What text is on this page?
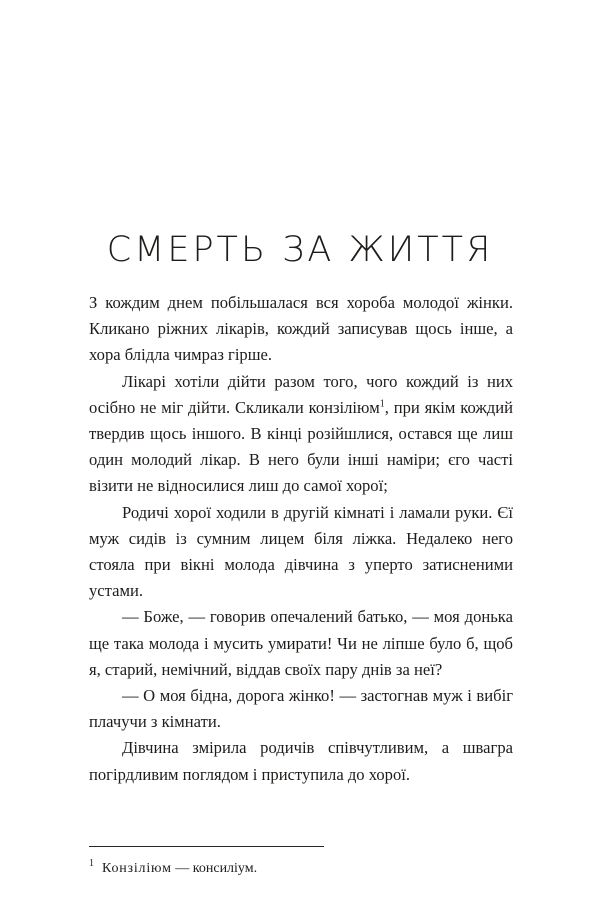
СМЕРТЬ ЗА ЖИТТЯ

З кождим днем побільшалася вся хороба молодої жінки. Кликано ріжних лікарів, кождий записував щось інше, а хора блідла чимраз гірше.

Лікарі хотіли дійти разом того, чого кождий із них осібно не міг дійти. Скликали конзіліюм$^1$, при якім кождий твердив щось іншого. В кінці розійшлися, остався ще лиш один молодий лікар. В него були інші наміри; єго часті візити не відносилися лиш до самої хорої;

Родичі хорої ходили в другій кімнаті і ламали руки. Єї муж сидів із сумним лицем біля ліжка. Недалеко него стояла при вікні молода дівчина з уперто затисненими устами.

— Боже, — говорив опечалений батько, — моя донька ще така молода і мусить умирати! Чи не ліпше було б, щоб я, старий, немічний, віддав своїх пару днів за неї?

— О моя бідна, дорога жінко! — застогнав муж і вибіг плачучи з кімнати.

Дівчина змірила родичів співчутливим, а швагра погірдливим поглядом і приступила до хорої.

$^1$ Конзіліюм — консиліум.
